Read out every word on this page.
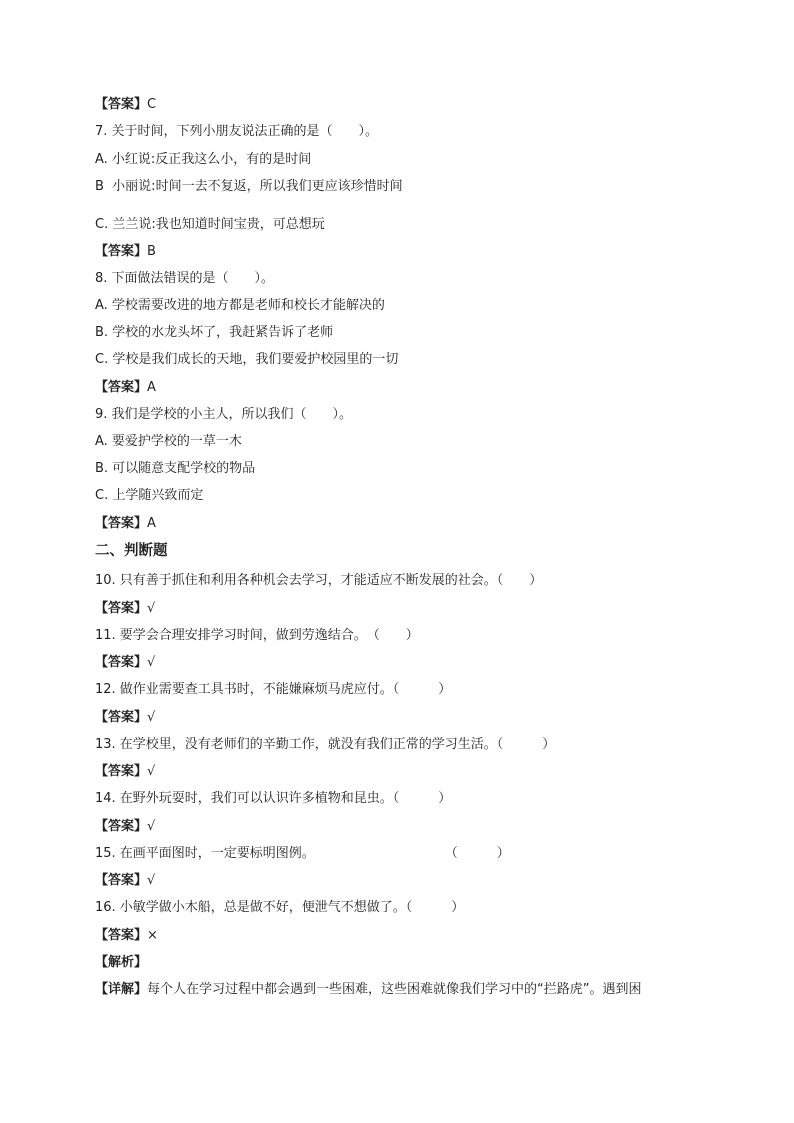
【答案】C
7. 关于时间，下列小朋友说法正确的是（　　）。
A. 小红说:反正我这么小，有的是时间
B  小丽说:时间一去不复返，所以我们更应该珍惜时间
C. 兰兰说:我也知道时间宝贵，可总想玩
【答案】B
8. 下面做法错误的是（　　）。
A. 学校需要改进的地方都是老师和校长才能解决的
B. 学校的水龙头坏了，我赶紧告诉了老师
C. 学校是我们成长的天地，我们要爱护校园里的一切
【答案】A
9. 我们是学校的小主人，所以我们（　　）。
A. 要爱护学校的一草一木
B. 可以随意支配学校的物品
C. 上学随兴致而定
【答案】A
二、判断题
10. 只有善于抓住和利用各种机会去学习，才能适应不断发展的社会。（　　）
【答案】√
11. 要学会合理安排学习时间，做到劳逸结合。　（　　）
【答案】√
12. 做作业需要查工具书时，不能嫌麻烦马虎应付。（　　　）
【答案】√
13. 在学校里，没有老师们的辛勤工作，就没有我们正常的学习生活。（　　　）
【答案】√
14. 在野外玩耍时，我们可以认识许多植物和昆虫。（　　　）
【答案】√
15. 在画平面图时，一定要标明图例。　　　　　　　　　　　（　　　）
【答案】√
16. 小敏学做小木船，总是做不好，便泄气不想做了。（　　　）
【答案】×
【解析】
【详解】每个人在学习过程中都会遇到一些困难，这些困难就像我们学习中的“拦路虎”。遇到困
